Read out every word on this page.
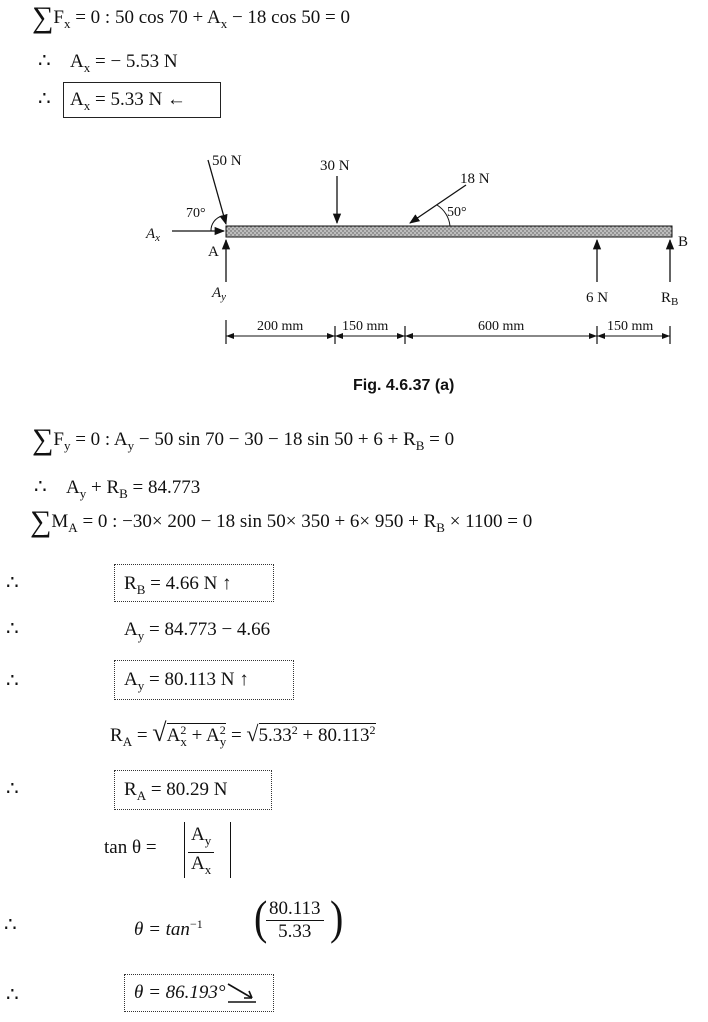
$\sum F_x = 0$ : 50 $\cos 70 + A_x - 18$ cos 50 = 0
∴ $A_x$ = − 5.53 N
∴ $A_x = 5.33$ N ←
50 N	30 N
18 N
70°	50°
$A_x$
A
B
$A_y$	6 N	$R_B$
200 mm	150 mm	600 mm	150 mm
Fig. 4.6.37 (a)
$\sum F_y = 0$ : $A_y - 50$ sin 70 − 30 − 18 $\sin 50 + 6 + R_B = 0$
∴ $A_y + R_B = 84.773$
$\sum M_A = 0$ : −30× 200 − 18 $\sin 50\times 350 + 6\times 950 + R_B \times 1100 = 0$
∴	$R_B = 4.66$ N ↑
∴	$A_y = 84.773 - 4.66$
∴	$A_y = 80.113$ N ↑
$R_A = √A^2_x + A^2_y = √5.33^2 + 80.113^2$
∴	$R_A = 80.29$ N
$\tan \theta = \frac{A_y}{A_x}$
∴	$\theta = \tan^{-1}$ (
$\frac{80.113}{5.33}$ )
∴	θ = 86.193°
